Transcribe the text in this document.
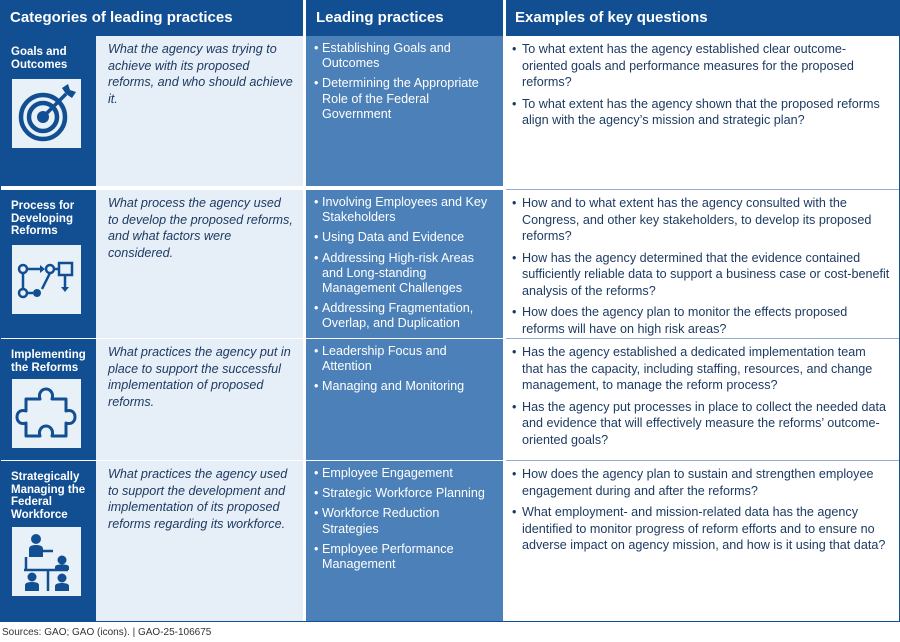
Categories of leading practices	Leading practices	Examples of key questions
Goals and Outcomes
What the agency was trying to achieve with its proposed reforms, and who should achieve it.
• Establishing Goals and Outcomes
• Determining the Appropriate Role of the Federal Government
• To what extent has the agency established clear outcome-oriented goals and performance measures for the proposed reforms?
• To what extent has the agency shown that the proposed reforms align with the agency’s mission and strategic plan?
Process for Developing Reforms
What process the agency used to develop the proposed reforms, and what factors were considered.
• Involving Employees and Key Stakeholders
• Using Data and Evidence
• Addressing High-risk Areas and Long-standing Management Challenges
• Addressing Fragmentation, Overlap, and Duplication
• How and to what extent has the agency consulted with the Congress, and other key stakeholders, to develop its proposed reforms?
• How has the agency determined that the evidence contained sufficiently reliable data to support a business case or cost-benefit analysis of the reforms?
• How does the agency plan to monitor the effects proposed reforms will have on high risk areas?
Implementing the Reforms
What practices the agency put in place to support the successful implementation of proposed reforms.
• Leadership Focus and Attention
• Managing and Monitoring
• Has the agency established a dedicated implementation team that has the capacity, including staffing, resources, and change management, to manage the reform process?
• Has the agency put processes in place to collect the needed data and evidence that will effectively measure the reforms’ outcome-oriented goals?
Strategically Managing the Federal Workforce
What practices the agency used to support the development and implementation of its proposed reforms regarding its workforce.
• Employee Engagement
• Strategic Workforce Planning
• Workforce Reduction Strategies
• Employee Performance Management
• How does the agency plan to sustain and strengthen employee engagement during and after the reforms?
• What employment- and mission-related data has the agency identified to monitor progress of reform efforts and to ensure no adverse impact on agency mission, and how is it using that data?
Sources: GAO; GAO (icons). | GAO-25-106675
